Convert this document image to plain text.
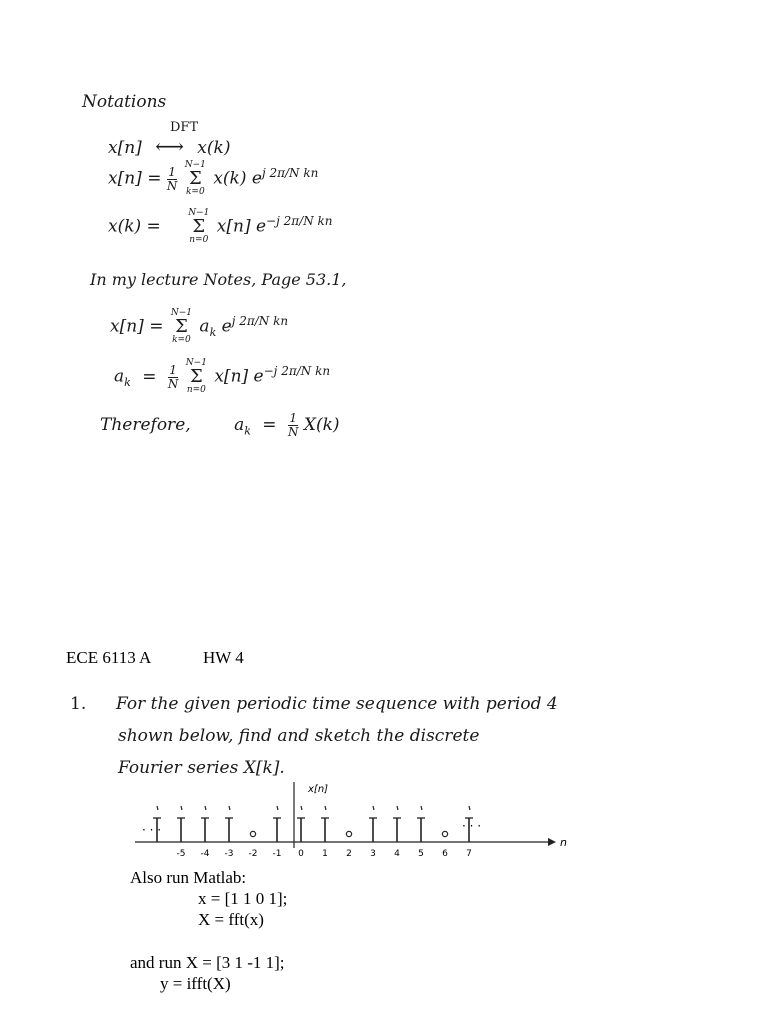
Notations
DFT
x[n] ⟷ x(k)
$x[n] = \frac{1}{N}$
N−1
Σ
k=0 x(k) $e^{j 2\pi/N kn}$
x(k) = N−1
Σ
n=0 x[n] $e^{-j 2\pi/N kn}$
In my lecture Notes, Page 53.1,
x[n] = N−1
Σ
k=0 $a_k$ $e^{j 2\pi/N kn}$
$a_k = \frac{1}{N}$
N−1
Σ
n=0 x[n] $e^{-j 2\pi/N kn}$
Therefore,	$a_k = \frac{1}{N} X(k)$
ECE 6113 A	HW 4
1. For the given periodic time sequence with period 4
shown below, find and sketch the discrete
Fourier series X[k].
x[n]
n
· · ·	· · ·
-5 -4 -3 -2 -1 0 1 2 3 4 5 6 7
Also run Matlab:
x = [1 1 0 1];
X = fft(x)
and run X = [3 1 -1 1];
y = ifft(X)
